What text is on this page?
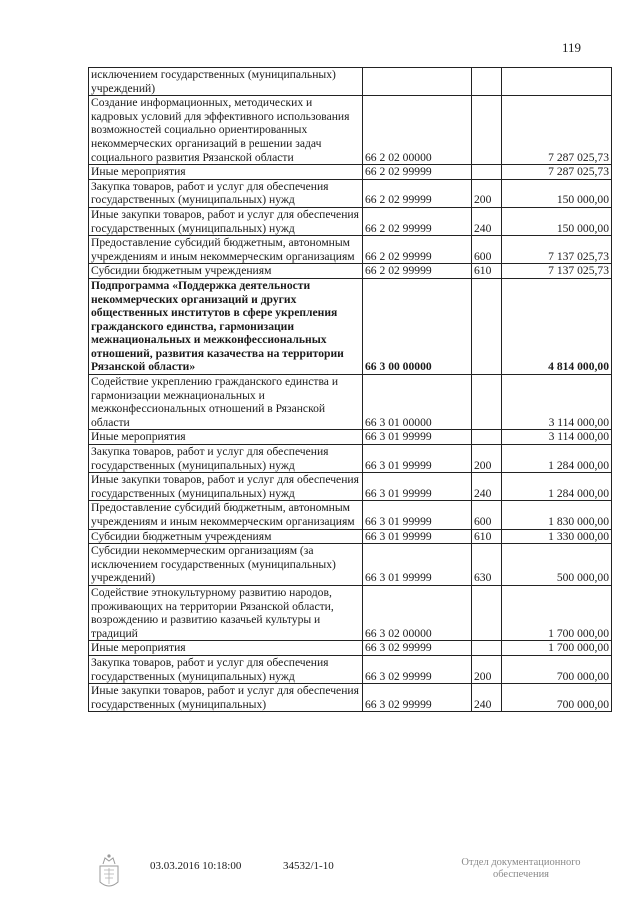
119
исключением государственных (муниципальных) учреждений)			
Создание информационных, методических и кадровых условий для эффективного использования возможностей социально ориентированных некоммерческих организаций в решении задач социального развития Рязанской области	66 2 02 00000		7 287 025,73
Иные мероприятия	66 2 02 99999		7 287 025,73
Закупка товаров, работ и услуг для обеспечения государственных (муниципальных) нужд	66 2 02 99999	200	150 000,00
Иные закупки товаров, работ и услуг для обеспечения государственных (муниципальных) нужд	66 2 02 99999	240	150 000,00
Предоставление субсидий бюджетным, автономным учреждениям и иным некоммерческим организациям	66 2 02 99999	600	7 137 025,73
Субсидии бюджетным учреждениям	66 2 02 99999	610	7 137 025,73
Подпрограмма «Поддержка деятельности некоммерческих организаций и других общественных институтов в сфере укрепления гражданского единства, гармонизации межнациональных и межконфессиональных отношений, развития казачества на территории Рязанской области»	66 3 00 00000		4 814 000,00
Содействие укреплению гражданского единства и гармонизации межнациональных и межконфессиональных отношений в Рязанской области	66 3 01 00000		3 114 000,00
Иные мероприятия	66 3 01 99999		3 114 000,00
Закупка товаров, работ и услуг для обеспечения государственных (муниципальных) нужд	66 3 01 99999	200	1 284 000,00
Иные закупки товаров, работ и услуг для обеспечения государственных (муниципальных) нужд	66 3 01 99999	240	1 284 000,00
Предоставление субсидий бюджетным, автономным учреждениям и иным некоммерческим организациям	66 3 01 99999	600	1 830 000,00
Субсидии бюджетным учреждениям	66 3 01 99999	610	1 330 000,00
Субсидии некоммерческим организациям (за исключением государственных (муниципальных) учреждений)	66 3 01 99999	630	500 000,00
Содействие этнокультурному развитию народов, проживающих на территории Рязанской области, возрождению и развитию казачьей культуры и традиций	66 3 02 00000		1 700 000,00
Иные мероприятия	66 3 02 99999		1 700 000,00
Закупка товаров, работ и услуг для обеспечения государственных (муниципальных) нужд	66 3 02 99999	200	700 000,00
Иные закупки товаров, работ и услуг для обеспечения государственных (муниципальных)	66 3 02 99999	240	700 000,00
03.03.2016 10:18:00	34532/1-10	Отдел документационного обеспечения
